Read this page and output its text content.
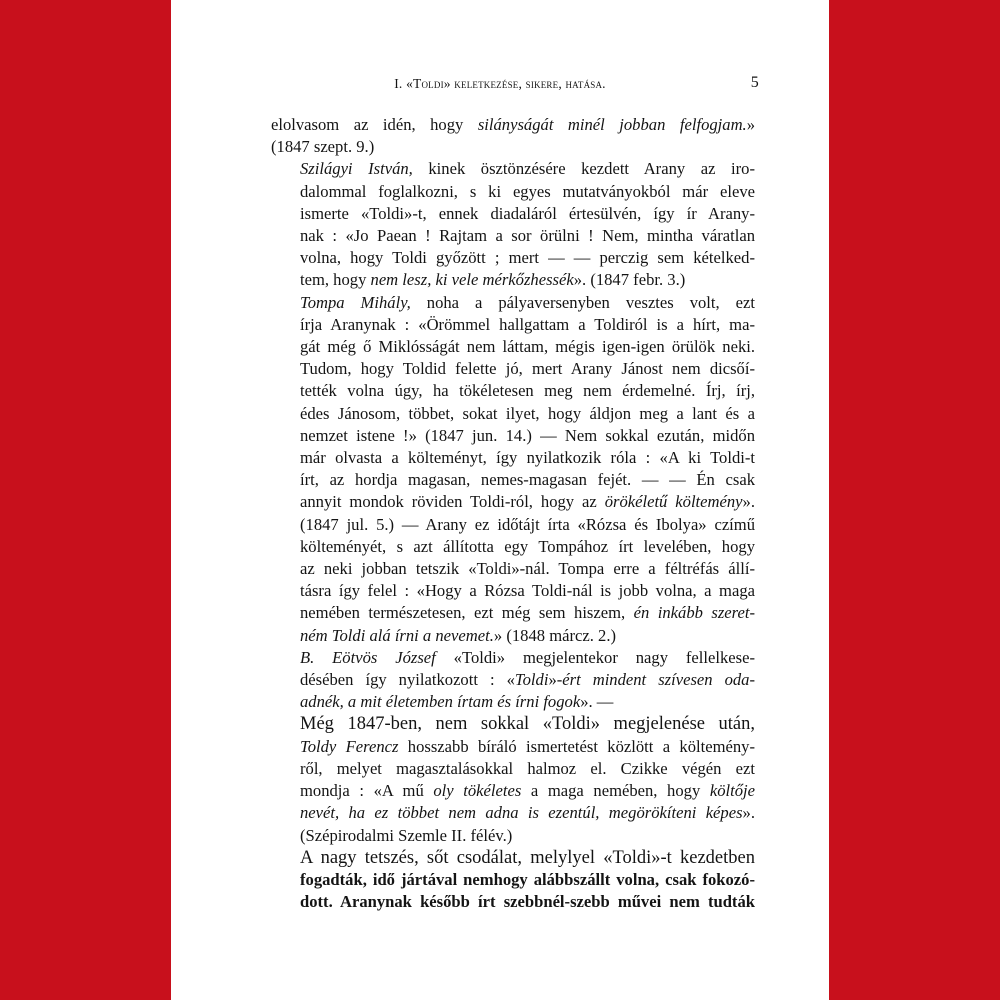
I. «Toldi» keletkezése, sikere, hatása.	5

elolvasom az idén, hogy silányságát minél jobban felfogjam.»
(1847 szept. 9.)

Szilágyi István, kinek ösztönzésére kezdett Arany az iro-
dalommal foglalkozni, s ki egyes mutatványokból már eleve
ismerte «Toldi»-t, ennek diadaláról értesülvén, így ír Arany-
nak : «Jo Paean ! Rajtam a sor örülni ! Nem, mintha váratlan
volna, hogy Toldi győzött ; mert — — perczig sem kételked-
tem, hogy nem lesz, ki vele mérkőzhessék». (1847 febr. 3.)

Tompa Mihály, noha a pályaversenyben vesztes volt, ezt
írja Aranynak : «Örömmel hallgattam a Toldiról is a hírt, ma-
gát még ő Miklósságát nem láttam, mégis igen-igen örülök neki.
Tudom, hogy Toldid felette jó, mert Arany Jánost nem dicsőí-
tették volna úgy, ha tökéletesen meg nem érdemelné. Írj, írj,
édes Jánosom, többet, sokat ilyet, hogy áldjon meg a lant és a
nemzet istene !» (1847 jun. 14.) — Nem sokkal ezután, midőn
már olvasta a költeményt, így nyilatkozik róla : «A ki Toldi-t
írt, az hordja magasan, nemes-magasan fejét. — — Én csak
annyit mondok röviden Toldi-ról, hogy az örökéletű költemény».
(1847 jul. 5.) — Arany ez időtájt írta «Rózsa és Ibolya» czímű
költeményét, s azt állította egy Tompához írt levelében, hogy
az neki jobban tetszik «Toldi»-nál. Tompa erre a féltréfás állí-
tásra így felel : «Hogy a Rózsa Toldi-nál is jobb volna, a maga
nemében természetesen, ezt még sem hiszem, én inkább szeret-
ném Toldi alá írni a nevemet.» (1848 márcz. 2.)

B. Eötvös József «Toldi» megjelentekor nagy fellelkese-
désében így nyilatkozott : «Toldi»-ért mindent szívesen oda-
adnék, a mit életemben írtam és írni fogok». —

Még 1847-ben, nem sokkal «Toldi» megjelenése után,
Toldy Ferencz hosszabb bíráló ismertetést közlött a költemény-
ről, melyet magasztalásokkal halmoz el. Czikke végén ezt
mondja : «A mű oly tökéletes a maga nemében, hogy költője
nevét, ha ez többet nem adna is ezentúl, megörökíteni képes».
(Szépirodalmi Szemle II. félév.)

A nagy tetszés, sőt csodálat, melylyel «Toldi»-t kezdetben
fogadták, idő jártával nemhogy alábbszállt volna, csak fokozó-
dott. Aranynak később írt szebbnél-szebb művei nem tudták
